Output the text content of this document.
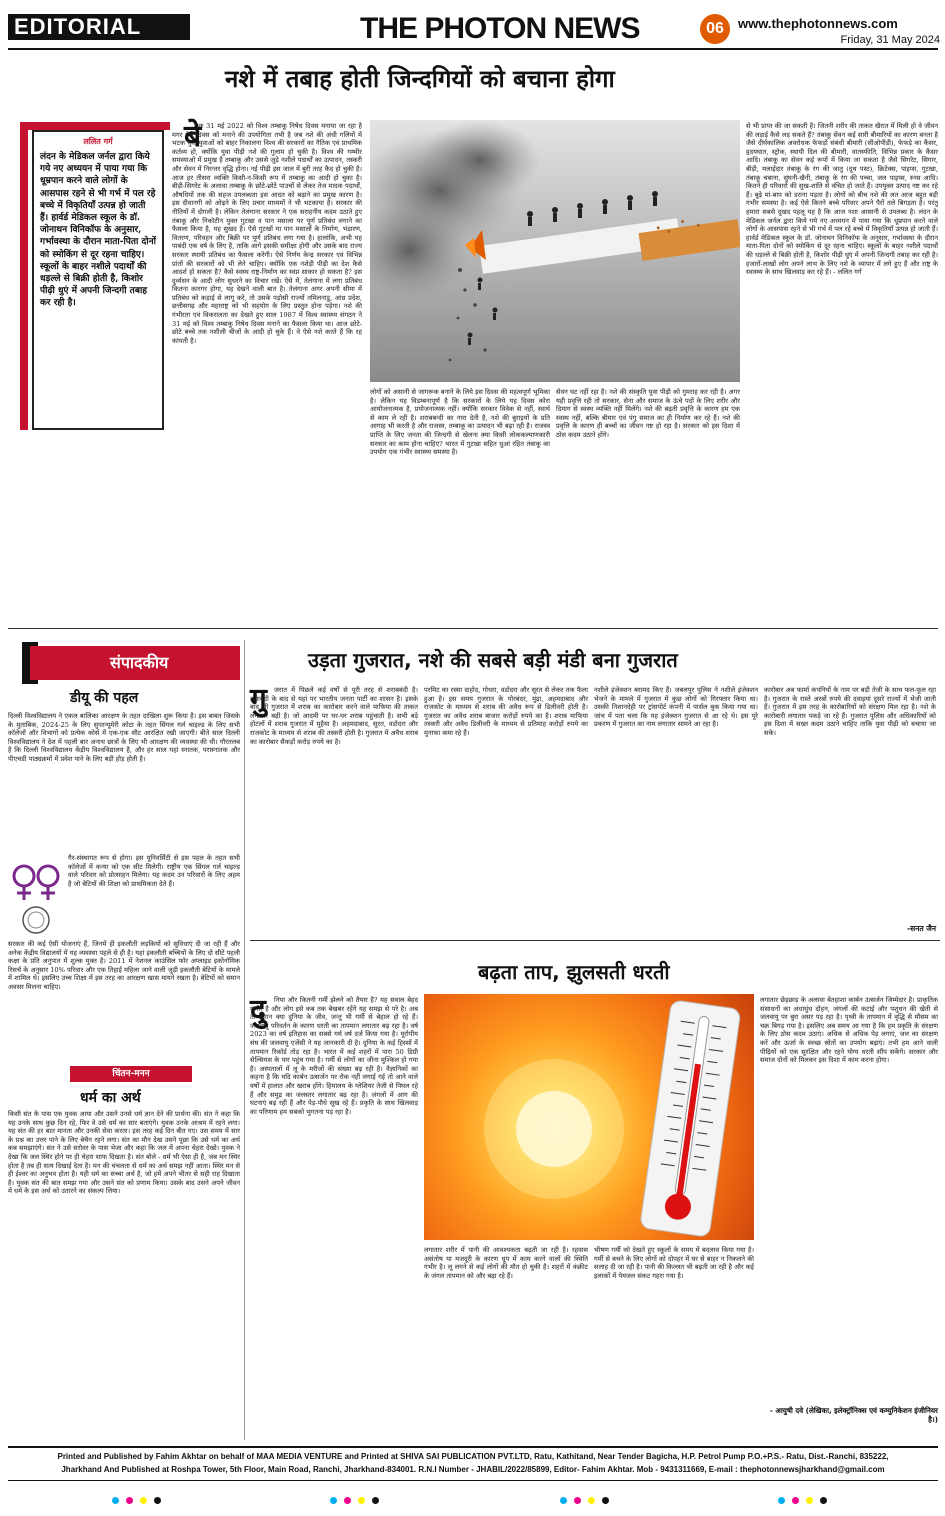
EDITORIAL	THE PHOTON NEWS	06	www.thephotonnews.com
Friday, 31 May 2024
नशे में तबाह होती जिन्दगियों को बचाना होगा
ललित गर्ग
लंदन के मेडिकल जर्नल द्वारा किये गये नए अध्ययन में पाया गया कि धूम्रपान करने वाले लोगों के आसपास रहने से भी गर्भ में पल रहे बच्चे में विकृतियाँ उत्पन्न हो जाती हैं। हार्वर्ड मेडिकल स्कूल के डॉ. जोनाथन विनिकॉफ के अनुसार, गर्भावस्था के दौरान माता-पिता दोनों को स्मोकिंग से दूर रहना चाहिए। स्कूलों के बाहर नशीले पदार्थों की धड़ल्ले से बिक्री होती है, किशोर पीढ़ी धुएं में अपनी जिन्दगी तबाह कर रही है।
बे
शक 31 मई 2022 को विश्व तम्बाकू निषेध दिवस मनाया जा रहा है मगर ऐसे दिवस को मनाने की उपयोगिता तभी है जब नशे की अंधी गलियों में भटक चुके युवाओं को बाहर निकालना विश्व की सरकारों का नैतिक एवं प्राथमिक कर्तव्य हो, क्योंकि युवा पीढ़ी नशे की गुलाम हो चुकी है। विश्व की गम्भीर समस्याओं में प्रमुख है तम्बाकू और उससे जुड़े नशीले पदार्थों का उत्पादन, तस्करी और सेवन में निरन्तर वृद्धि होना। नई पीढ़ी इस जाल में बुरी तरह कैद हो चुकी है। आज हर तीसरा व्यक्ति किसी-न-किसी रूप में तम्बाकू का आदी हो चुका है। बीड़ी-सिगरेट के अलावा तम्बाकू के छोटे-छोटे पाउचों से लेकर तेज मादक पदार्थों, औषधियों तक की सहज उपलब्धता इस आदत को बढ़ाने का प्रमुख कारण है। इस दीवानगी को ओढ़ने के लिए प्रचार माध्यमों ने भी भटकाया है। सरकार की नीतियों में दोगली है। लेकिन तेलंगाना सरकार ने एक सराहनीय कदम उठाते हुए तंबाकू और निकोटीन युक्त गुटखा व पान मसाला पर पूर्ण प्रतिबंध लगाने का फैसला किया है, यह सुखद है। ऐसे गुटखों या पान मसालों के निर्माण, भंडारण, वितरण, परिवहन और बिक्री पर पूर्ण प्रतिबंध लगा गया है। हालांकि, अभी यह पाबंदी एक वर्ष के लिए है, ताकि आगे इसकी समीक्षा होगी और उसके बाद राज्य सरकार स्थायी प्रतिबंध का फैसला करेगी। ऐसे निर्णय केन्द्र सरकार एवं विभिन्न प्रांतों की सरकारों को भी लेने चाहिए। क्योंकि एक नशेड़ी पीढ़ी का देश कैसे आदर्श हो सकता है? कैसे स्वस्थ राष्ट्र-निर्माण का स्वप्न साकार हो सकता है? इस दुर्व्यसन के आदी लोग सुधरने का विचार रखें। ऐसे में, तेलंगाना में लगा प्रतिबंध कितना कारगर होगा, यह देखने वाली बात है। तेलंगाना अगर अपनी सीमा में प्रतिबंध को कड़ाई से लागू करे, तो उसके पड़ोसी राज्यों तमिलनाडु, आंध्र प्रदेश, छत्तीसगढ़ और महाराष्ट्र को भी सहयोग के लिए प्रस्तुत होना पड़ेगा। नशे की गंभीरता एवं विकरालता का देखते हुए साल 1987 में विश्व स्वास्थ्य संगठन ने 31 मई को विश्व तम्बाकू निषेध दिवस मनाने का फैसला किया था। आज छोटे-छोटे बच्चे तक नशीली चीजों के आदी हो चुके हैं। वे ऐसे नशे करते हैं कि रह कांपती है।
लोगों को असानी से जागरूक बनाने के लिये इस दिवस की महत्वपूर्ण भूमिका है। लेकिन यह विडम्बनापूर्ण है कि सरकारों के लिये यह दिवस कोरा आयोजनात्मक है, प्रयोजनात्मक नहीं। क्योंकि सरकार विवेक से नहीं, स्वार्थ से काम ले रही है। शराबबन्दी का नारा देती है, नशे की बुराइयों के प्रति आगाह भी करती है और राजस्व, तम्बाकू का उत्पादन भी बढ़ा रही है। राजस्व प्राप्ति के लिए जनता की जिन्दगी से खेलना क्या किसी लोककल्याणकारी सरकार का काम होना चाहिए? भारत में गुटखा सहित धुआं रहित तंबाकू का उपयोग एक गंभीर स्वास्थ्य समस्या है।
सेवन घट नहीं रहा है। नशे की संस्कृति युवा पीढ़ी को गुमराह कर रही है। अगर यही प्रवृत्ति रही तो सरकार, सेना और समाज के ऊंचे पदों के लिए शरीर और दिमाग से स्वस्थ व्यक्ति नहीं मिलेंगे। नशे की बढ़ती प्रवृत्ति के कारण हम एक स्वस्थ नहीं, बल्कि बीमार एवं पंगु समाज का ही निर्माण कर रहे हैं। नशे की प्रवृत्ति के कारण ही बच्चों का जीवन नष्ट हो रहा है। सरकार को इस दिशा में ठोस कदम उठाने होंगे।
से भी प्राप्त की जा सकती है। जितनी शरीर की ताकत खैरात में मिली हो वे जीवन की लड़ाई कैसे लड़ सकते हैं? तंबाकू सेवन कई सारी बीमारियों का कारण बनता है जैसे दीर्घकालिक अवरोधक फेफड़ों संबंधी बीमारी (सीओपीडी), फेफड़े का कैंसर, हृदयघात, स्ट्रोक, स्थायी दिल की बीमारी, वातस्फीति, विभिन्न प्रकार के कैंसर आदि। तंबाकू का सेवन कई रूपों में किया जा सकता है जैसे सिगरेट, सिगार, बीड़ी, मलाईदार तंबाकू के रंग की जातु (दूथ पस्ट), क्रिटेक्स, पाइप्स, गुटखा, तंबाकू चबाना, सुंघनी-खैनी, तंबाकू के रंग की पच्चा, जल पाइप्स, स्नस आदि। कितने ही परिवारों की सुख-शांति से वंचित हो जाते हैं। उपयुक्त उत्पाद नष्ट कर रहे हैं। बूढ़े मां-बाप को डराना पड़ता है। लोगों को बीच नशे की लत आज बहुत बड़ी गंभीर समस्या है। कई ऐसे कितने बच्चे परिवार अपने पैरों तले बिगड़ता है। परंतु हमारा सबसे दुखद पहलू यह है कि आज नशा आसानी से उपलब्ध है। लंदन के मेडिकल जर्नल द्वारा किये गये नए अध्ययन में पाया गया कि धूम्रपान करने वाले लोगों के आसपास रहने से भी गर्भ में पल रहे बच्चे में विकृतियाँ उत्पन्न हो जाती हैं। हार्वर्ड मेडिकल स्कूल के डॉ. जोनाथन विनिकॉफ के अनुसार, गर्भावस्था के दौरान माता-पिता दोनों को स्मोकिंग से दूर रहना चाहिए। स्कूलों के बाहर नशीले पदार्थों की धड़ल्ले से बिक्री होती है, किशोर पीढ़ी धुएं में अपनी जिन्दगी तबाह कर रही है। हजारों-लाखों लोग अपने लाभ के लिए नशे के व्यापार में लगे हुए हैं और राष्ट्र के स्वास्थ्य के साथ खिलवाड़ कर रहे हैं। - ललित गर्ग
संपादकीय
डीयू की पहल
दिल्ली विश्वविद्यालय ने एकल बालिका आरक्षण के तहत दाखिला शुरू किया है। इस बाबत जिसके के मुताबिक, 2024-25 के लिए सुपरन्यूमेरी कोटा के तहत सिंगल गर्ल चाइल्ड के लिए सभी कॉलेजों और विभागों को प्रत्येक कोर्स में एक-एक सीट आरक्षित रखी जाएगी। बीते साल दिल्ली विश्वविद्यालय ने देश में पहली बार अनाथ छात्रों के लिए भी आरक्षण की व्यवस्था की थी। गौरतलब है कि दिल्ली विश्वविद्यालय केंद्रीय विश्वविद्यालय है, और हर साल यहां स्नातक, परास्नातक और पीएचडी पाठ्यक्रमों में प्रवेश पाने के लिए बड़ी होड़ होती है।
गैर-संस्थागत रूप से होगा। इस यूनिवर्सिटी से इस पहल के तहत सभी कॉलेजों में कन्या को एक सीट मिलेगी। राष्ट्रीय एक सिंगल गर्ल चाइल्ड वाले परिवार को प्रोत्साहन मिलेगा। यह कदम उन परिवारों के लिए अहम है जो बेटियों की शिक्षा को प्राथमिकता देते हैं।
सरकार की कई ऐसी योजनाएं हैं, जिनमें ही इकलौती लड़कियों को सुविधाएं दी जा रही हैं और अनेक केंद्रीय विद्यालयों में यह व्यवस्था पहले से ही है। यहां इकलौती बच्चियों के लिए दो सीटें पहली कक्षा के प्रति अनुपात में शुल्क मुक्त है। 2011 में नेशनल काउंसिल फॉर अप्लाइड इकोनॉमिक रिसर्च के अनुसार 10% परिवार और एक तिहाई महिला जाने वाली जुड़ी इकलौती बेटियों के मामले में शामिल थे। इसलिए उच्च शिक्षा में इस तरह का आरक्षण खास मायने रखता है। बेटियों को समान अवसर मिलना चाहिए।
चिंतन-मनन
धर्म का अर्थ
किसी संत के पास एक युवक आया और उसने उनसे धर्म ज्ञान देने की प्रार्थना की। संत ने कहा कि यह उनके साथ कुछ दिन रहे, फिर वे उसे धर्म का सार बताएंगे। युवक उनके आश्रम में रहने लगा। यह संत की हर बात मानता और उनकी सेवा करता। इस तरह कई दिन बीत गए। उस समय में सार के प्रश्न का उत्तर पाने के लिए बेचैन रहने लगा। संत का मौन देख उसने पूछा कि उसे धर्म का अर्थ कब समझाएंगे। संत ने उसे सरोवर के पास भेजा और कहा कि जल में अपना चेहरा देखो। युवक ने देखा कि जल स्थिर होने पर ही चेहरा साफ दिखता है। संत बोले - धर्म भी ऐसा ही है, जब मन स्थिर होता है तब ही सत्य दिखाई देता है। मन की चंचलता से धर्म का अर्थ समझ नहीं आता। स्थिर मन से ही ईश्वर का अनुभव होता है। यही धर्म का सच्चा अर्थ है, जो हमें अपने भीतर से सही राह दिखाता है। युवक संत की बात समझ गया और उसने संत को प्रणाम किया। उसके बाद उसने अपने जीवन में धर्म के इस अर्थ को उतारने का संकल्प लिया।
उड़ता गुजरात, नशे की सबसे बड़ी मंडी बना गुजरात
गु	जरात में पिछले कई वर्षों से पूरी तरह से शराबबंदी है। नशाबंदी के बाद से यहां पर भारतीय जनता पार्टी का शासन है। इसके बाद भी गुजरात में शराब का कारोबार करने वाले माफिया की ताकत लगातार बढ़ी है। जो आदमी पर घर-घर शराब पहुंचाती है। सभी बड़े होटलों में शराब गुजरात में मुहैया है। अहमदाबाद, सूरत, वडोदरा और राजकोट के माध्यम से शराब की तस्करी होती है। गुजरात में अवैध शराब का कारोबार सैकड़ों करोड़ रुपये का है।
परमिट का रस्सा दाहोद, गोधरा, वडोदरा और सूरत से लेकर तक फैला हुआ है। इस समय गुजरात के पोरबंदर, मुंद्रा, अहमदाबाद और राजकोट के माध्यम से शराब की अवैध रूप से डिलीवरी होती है। गुजरात का अवैध शराब बाजार करोड़ों रुपये का है। शराब माफिया तस्करी और अवैध डिलीवरी के माध्यम से प्रतिमाह करोड़ों रुपये का मुनाफा कमा रहे हैं।
नशीले इंजेक्शन बरामद किए हैं। जबलपुर पुलिस ने नशीले इंजेक्शन भेजने के मामले में गुजरात में कुछ लोगों को गिरफ्तार किया था। उसकी निशानदेही पर ट्रांसपोर्ट कंपनी में पार्सल बुक किया गया था। जांच में पता चला कि यह इंजेक्शन गुजरात से आ रहे थे। इस पूरे प्रकरण में गुजरात का नाम लगातार सामने आ रहा है।
कारोबार अब फार्मा कंपनियों के नाम पर बड़ी तेजी के साथ फल-फूल रहा है। गुजरात के रास्ते अरबों रुपये की दवाइयां दूसरे राज्यों में भेजी जाती हैं। गुजरात में इस तरह के कारोबारियों को संरक्षण मिल रहा है। नशे के कारोबारी लगातार पकड़े जा रहे हैं। गुजरात पुलिस और अधिकारियों को इस दिशा में सख्त कदम उठाने चाहिए ताकि युवा पीढ़ी को बचाया जा सके।
-सनत जैन
बढ़ता ताप, झुलसती धरती
दु	निया और कितनी गर्मी झेलने को तैयार है? यह सवाल बेहद गंभीर है और लोग इसे कब तक बेखबर रहेंगे यह समझ से परे है। अब तो इंसान क्या दुनिया के जीव, जन्तु भी गर्मी से बेहाल हो रहे हैं। जलवायु परिवर्तन के कारण धरती का तापमान लगातार बढ़ रहा है। वर्ष 2023 का वर्ष इतिहास का सबसे गर्म वर्ष दर्ज किया गया है। यूरोपीय संघ की जलवायु एजेंसी ने यह जानकारी दी है। दुनिया के कई हिस्सों में तापमान रिकॉर्ड तोड़ रहा है। भारत में कई शहरों में पारा 50 डिग्री सेल्सियस के पार पहुंच गया है। गर्मी से लोगों का जीना मुश्किल हो गया है। अस्पतालों में लू के मरीजों की संख्या बढ़ रही है। वैज्ञानिकों का कहना है कि यदि कार्बन उत्सर्जन पर रोक नहीं लगाई गई तो आने वाले वर्षों में हालात और खराब होंगे। हिमालय के ग्लेशियर तेजी से पिघल रहे हैं और समुद्र का जलस्तर लगातार बढ़ रहा है। जंगलों में आग की घटनाएं बढ़ रही हैं और पेड़-पौधे सूख रहे हैं। प्रकृति के साथ खिलवाड़ का परिणाम हम सबको भुगतना पड़ रहा है।
लगातार शरीर में पानी की आवश्यकता बढ़ती जा रही है। रहवास असंतोष या मजदूरी के कारण धूप में काम करने वालों की स्थिति गंभीर है। लू लगने से कई लोगों की मौत हो चुकी है। शहरों में कंक्रीट के जंगल तापमान को और बढ़ा रहे हैं।
भीषण गर्मी को देखते हुए स्कूलों के समय में बदलाव किया गया है। गर्मी से बचने के लिए लोगों को दोपहर में घर से बाहर न निकलने की सलाह दी जा रही है। पानी की किल्लत भी बढ़ती जा रही है और कई इलाकों में पेयजल संकट गहरा गया है।
लगातार छेड़छाड़ के अलावा बेतहाशा कार्बन उत्सर्जन जिम्मेदार है। प्राकृतिक संसाधनों का अंधाधुंध दोहन, जंगलों की कटाई और पशुधन की खेती से जलवायु पर बुरा असर पड़ रहा है। पृथ्वी के तापमान में वृद्धि से मौसम का चक्र बिगड़ गया है। इसलिए अब समय आ गया है कि हम प्रकृति के संरक्षण के लिए ठोस कदम उठाएं। अधिक से अधिक पेड़ लगाएं, जल का संरक्षण करें और ऊर्जा के स्वच्छ स्रोतों का उपयोग बढ़ाएं। तभी हम आने वाली पीढ़ियों को एक सुरक्षित और रहने योग्य धरती सौंप सकेंगे। सरकार और समाज दोनों को मिलकर इस दिशा में काम करना होगा।
- आयुषी दवे (लेखिका, इलेक्ट्रॉनिक्स एवं कम्युनिकेशन इंजीनियर है।)
Printed and Published by Fahim Akhtar on behalf of MAA MEDIA VENTURE and Printed at SHIVA SAI PUBLICATION PVT.LTD, Ratu, Kathitand, Near Tender Bagicha, H.P. Petrol Pump P.O.+P.S.- Ratu, Dist.-Ranchi, 835222,
Jharkhand And Published at Roshpa Tower, 5th Floor, Main Road, Ranchi, Jharkhand-834001. R.N.I Number - JHABIL/2022/85899, Editor- Fahim Akhtar. Mob - 9431311669, E-mail : thephotonnewsjharkhand@gmail.com
